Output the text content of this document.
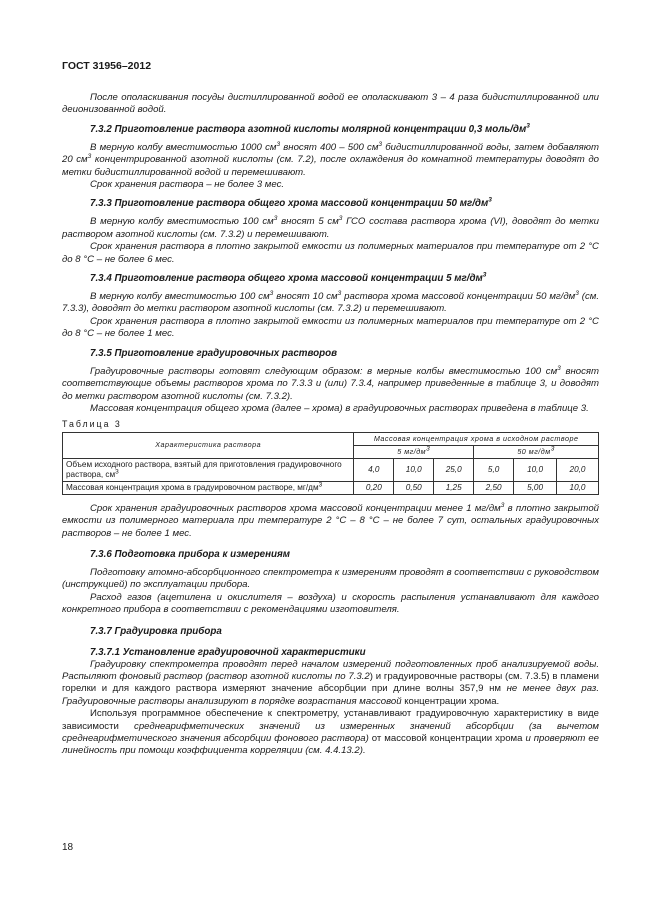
ГОСТ 31956–2012

После ополаскивания посуды дистиллированной водой ее ополаскивают 3 – 4 раза бидистиллированной или деионизованной водой.

7.3.2 Приготовление раствора азотной кислоты молярной концентрации 0,3 моль/$дм^3$

В мерную колбу вместимостью 1000 $см^3$ вносят 400 – 500 $см^3$ бидистиллированной воды, затем добавляют 20 $см^3$ концентрированной азотной кислоты (см. 7.2), после охлаждения до комнатной температуры доводят до метки бидистиллированной водой и перемешивают.

Срок хранения раствора – не более 3 мес.

7.3.3 Приготовление раствора общего хрома массовой концентрации 50 $мг/дм^3$

В мерную колбу вместимостью 100 $см^3$ вносят 5 $см^3$ ГСО состава раствора хрома (VI), доводят до метки раствором азотной кислоты (см. 7.3.2) и перемешивают.

Срок хранения раствора в плотно закрытой емкости из полимерных материалов при температуре от 2 °С до 8 °С – не более 6 мес.

7.3.4 Приготовление раствора общего хрома массовой концентрации 5 $мг/дм^3$

В мерную колбу вместимостью 100 $см^3$ вносят 10 $см^3$ раствора хрома массовой концентрации 50 $мг/дм^3$ (см. 7.3.3), доводят до метки раствором азотной кислоты (см. 7.3.2) и перемешивают.

Срок хранения раствора в плотно закрытой емкости из полимерных материалов при температуре от 2 °С до 8 °С – не более 1 мес.

7.3.5 Приготовление градуировочных растворов

Градуировочные растворы готовят следующим образом: в мерные колбы вместимостью 100 $см^3$ вносят соответствующие объемы растворов хрома по 7.3.3 и (или) 7.3.4, например приведенные в таблице 3, и доводят до метки раствором азотной кислоты (см. 7.3.2).

Массовая концентрация общего хрома (далее – хрома) в градуировочных растворах приведена в таблице 3.

Таблица 3
Характеристика раствора	Массовая концентрация хрома в исходном растворе					
	5 $мг/дм^3$			50 $мг/дм^3$
Объем исходного раствора, взятый для приготовления градуировочного раствора, $см^3$	4,0	10,0	25,0	5,0	10,0	20,0
Массовая концентрация хрома в градуировочном растворе, $мг/дм^3$	0,20	0,50	1,25	2,50	5,00	10,0

Срок хранения градуировочных растворов хрома массовой концентрации менее 1 $мг/дм^3$ в плотно закрытой емкости из полимерного материала при температуре 2 °С – 8 °С – не более 7 сут, остальных градуировочных растворов – не более 1 мес.

7.3.6 Подготовка прибора к измерениям

Подготовку атомно-абсорбционного спектрометра к измерениям проводят в соответствии с руководством (инструкцией) по эксплуатации прибора.

Расход газов (ацетилена и окислителя – воздуха) и скорость распыления устанавливают для каждого конкретного прибора в соответствии с рекомендациями изготовителя.

7.3.7 Градуировка прибора
7.3.7.1 Установление градуировочной характеристики

Градуировку спектрометра проводят перед началом измерений подготовленных проб анализируемой воды. Распыляют фоновый раствор (раствор азотной кислоты по 7.3.2) и градуировочные растворы (см. 7.3.5) в пламени горелки и для каждого раствора измеряют значение абсорбции при длине волны 357,9 нм не менее двух раз. Градуировочные растворы анализируют в порядке возрастания массовой концентрации хрома.

Используя программное обеспечение к спектрометру, устанавливают градуировочную характеристику в виде зависимости среднеарифметических значений из измеренных значений абсорбции (за вычетом среднеарифметического значения абсорбции фонового раствора) от массовой концентрации хрома и проверяют ее линейность при помощи коэффициента корреляции (см. 4.4.13.2).

18
